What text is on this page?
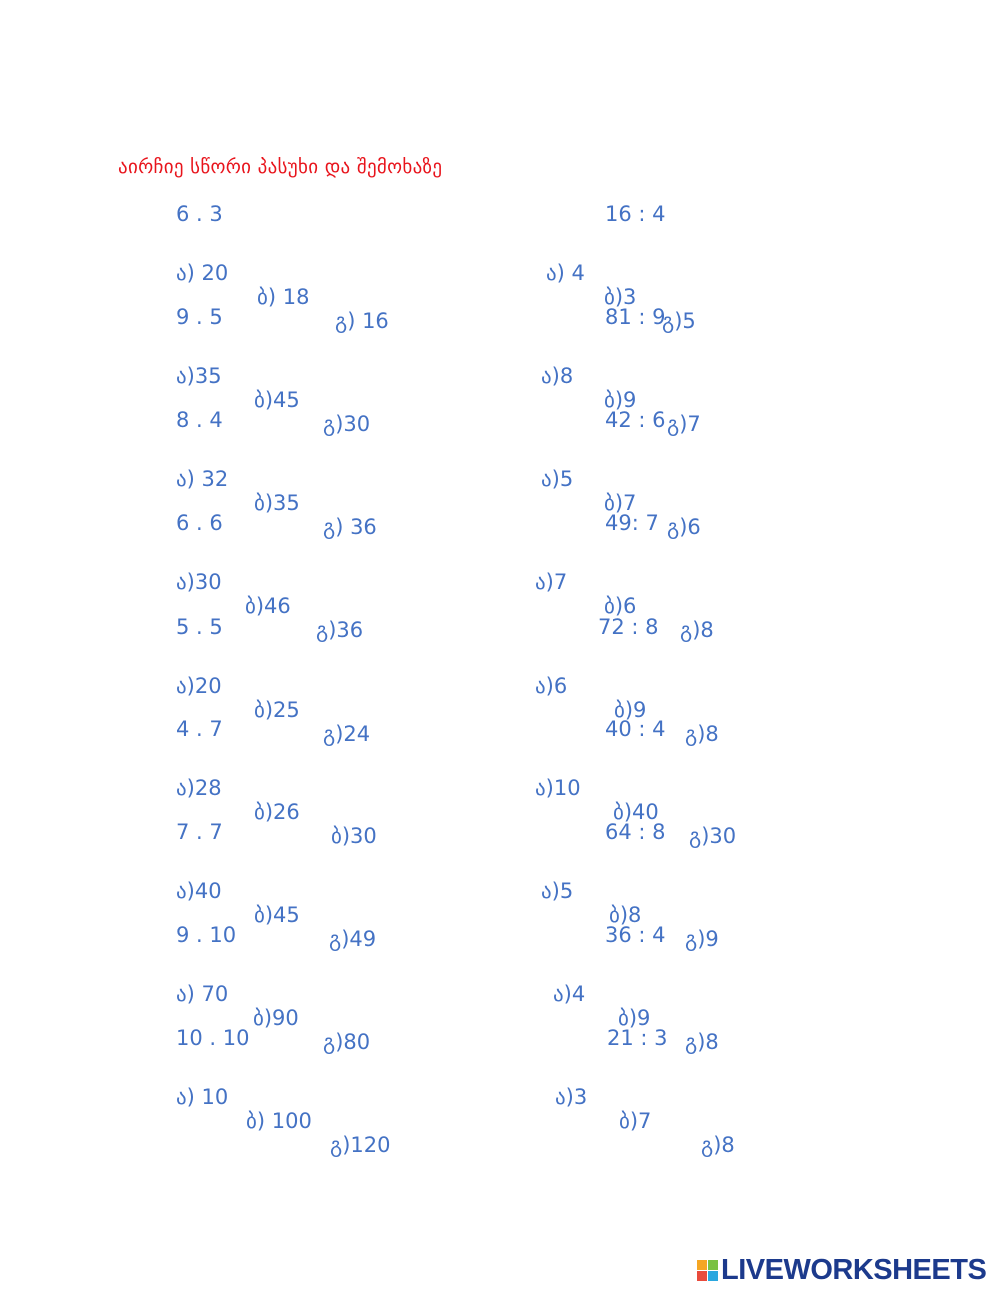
აირჩიე სწორი პასუხი და შემოხაზე
6 . 3

ა) 20

ბ) 18

გ) 16

9 . 5

ა)35

ბ)45

გ)30

8 . 4

ა) 32

ბ)35

გ) 36

6 . 6

ა)30

ბ)46

გ)36

5 . 5

ა)20

ბ)25

გ)24

4 . 7

ა)28

ბ)26

ბ)30

7 . 7

ა)40

ბ)45

გ)49

9 . 10

ა) 70

ბ)90

გ)80

10 . 10

ა) 10

ბ) 100

გ)120

16 : 4

ა) 4

ბ)3

გ)5

81 : 9

ა)8

ბ)9

გ)7

42 : 6

ა)5

ბ)7

გ)6

49: 7

ა)7

ბ)6

გ)8

72 : 8

ა)6

ბ)9

გ)8

40 : 4

ა)10

ბ)40

გ)30

64 : 8

ა)5

ბ)8

გ)9

36 : 4

ა)4

ბ)9

გ)8

21 : 3

ა)3

ბ)7

გ)8

LIVEWORKSHEETS
